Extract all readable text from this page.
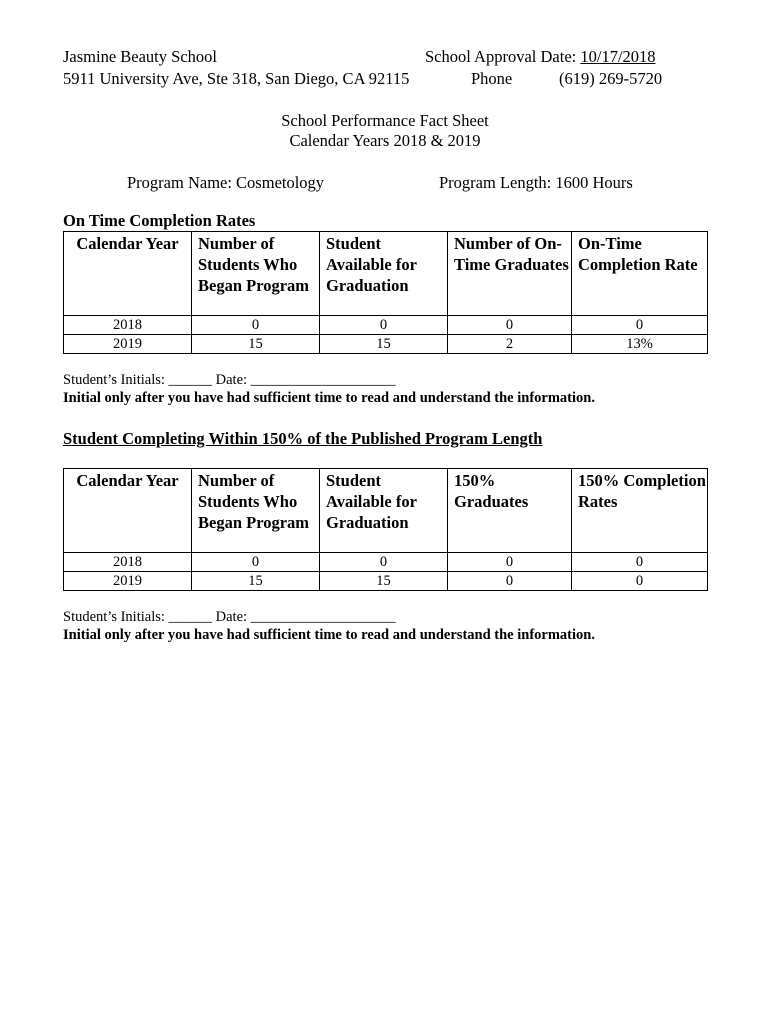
Jasmine Beauty School	School Approval Date: 10/17/2018
5911 University Ave, Ste 318, San Diego, CA 92115	Phone	(619) 269-5720
School Performance Fact Sheet
Calendar Years 2018 & 2019
Program Name: Cosmetology	Program Length: 1600 Hours
On Time Completion Rates
Calendar Year	Number of Students Who Began Program	Student Available for Graduation	Number of On-Time Graduates	On-Time Completion Rate
2018	0	0	0	0
2019	15	15	2	13%
Student’s Initials: ______ Date: ____________________
Initial only after you have had sufficient time to read and understand the information.
Student Completing Within 150% of the Published Program Length
Calendar Year	Number of Students Who Began Program	Student Available for Graduation	150% Graduates	150% Completion Rates
2018	0	0	0	0
2019	15	15	0	0
Student’s Initials: ______ Date: ____________________
Initial only after you have had sufficient time to read and understand the information.
